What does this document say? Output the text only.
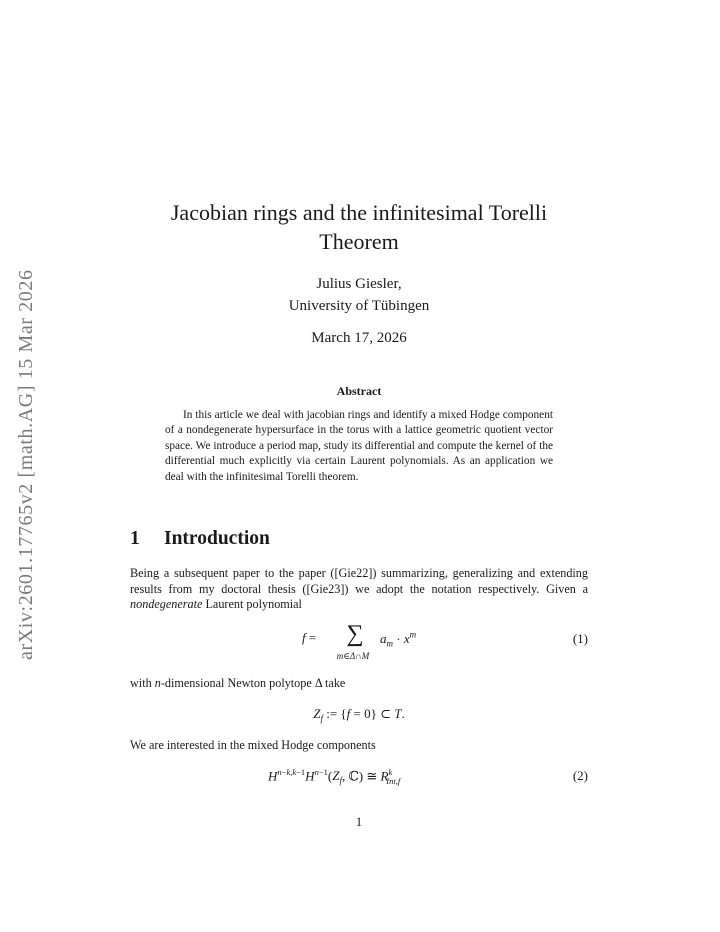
arXiv:2601.17765v2 [math.AG] 15 Mar 2026
Jacobian rings and the infinitesimal Torelli
Theorem
Julius Giesler,
University of Tübingen
March 17, 2026
Abstract

In this article we deal with jacobian rings and identify a mixed Hodge component of a nondegenerate hypersurface in the torus with a lattice geometric quotient vector space. We introduce a period map, study its differential and compute the kernel of the differential much explicitly via certain Laurent polynomials. As an application we deal with the infinitesimal Torelli theorem.

1 Introduction

Being a subsequent paper to the paper ([Gie22]) summarizing, generalizing and extending results from my doctoral thesis ([Gie23]) we adopt the notation respectively. Given a nondegenerate Laurent polynomial

f =	∑
m∈Δ∩M
$a_m \cdot x^m$	(1)

with n-dimensional Newton polytope Δ take

$Z_f$ := {f = 0} ⊂ T.

We are interested in the mixed Hodge components

$H^{n-k,k-1}H^{n-1}(Z_f$, ℂ) ≅ $R^k_{Int,f}$	(2)
1
